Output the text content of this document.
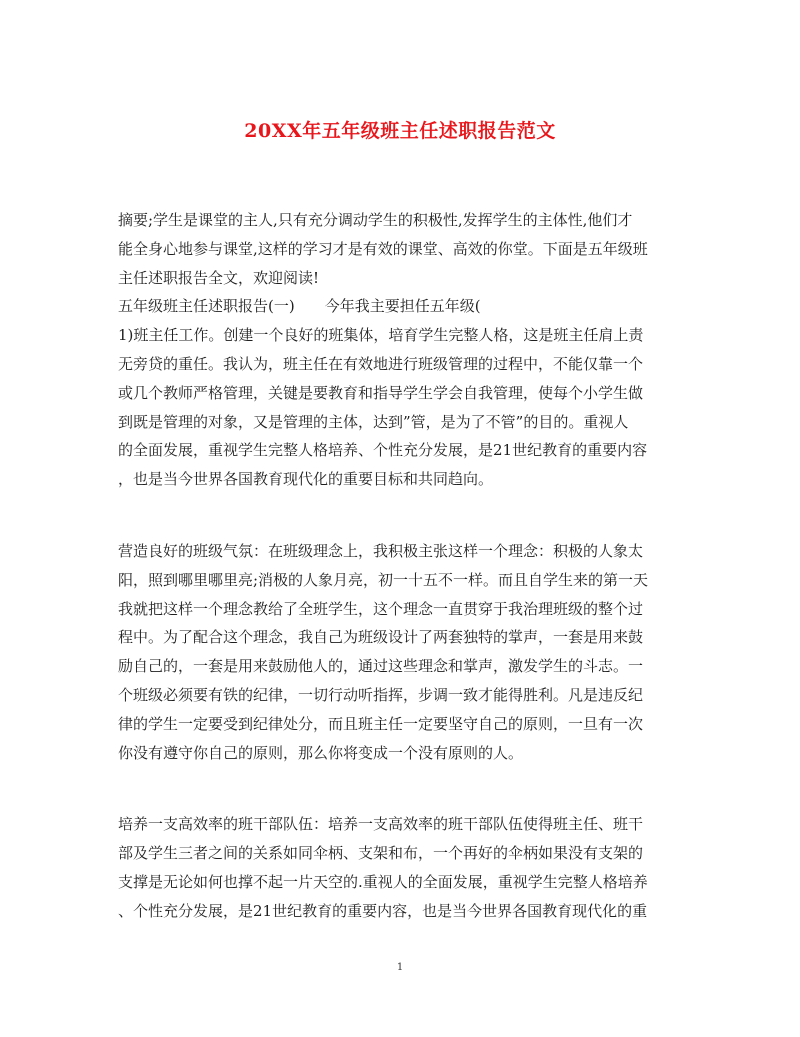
20XX年五年级班主任述职报告范文
摘要;学生是课堂的主人,只有充分调动学生的积极性,发挥学生的主体性,他们才
能全身心地参与课堂,这样的学习才是有效的课堂、高效的你堂。下面是五年级班
主任述职报告全文，欢迎阅读!
五年级班主任述职报告(一)　　今年我主要担任五年级(
1)班主任工作。创建一个良好的班集体，培育学生完整人格，这是班主任肩上责
无旁贷的重任。我认为，班主任在有效地进行班级管理的过程中，不能仅靠一个
或几个教师严格管理，关键是要教育和指导学生学会自我管理，使每个小学生做
到既是管理的对象，又是管理的主体，达到”管，是为了不管”的目的。重视人
的全面发展，重视学生完整人格培养、个性充分发展，是21世纪教育的重要内容
，也是当今世界各国教育现代化的重要目标和共同趋向。
营造良好的班级气氛：在班级理念上，我积极主张这样一个理念：积极的人象太
阳，照到哪里哪里亮;消极的人象月亮，初一十五不一样。而且自学生来的第一天
我就把这样一个理念教给了全班学生，这个理念一直贯穿于我治理班级的整个过
程中。为了配合这个理念，我自己为班级设计了两套独特的掌声，一套是用来鼓
励自己的，一套是用来鼓励他人的，通过这些理念和掌声，激发学生的斗志。一
个班级必须要有铁的纪律，一切行动听指挥，步调一致才能得胜利。凡是违反纪
律的学生一定要受到纪律处分，而且班主任一定要坚守自己的原则，一旦有一次
你没有遵守你自己的原则，那么你将变成一个没有原则的人。
培养一支高效率的班干部队伍：培养一支高效率的班干部队伍使得班主任、班干
部及学生三者之间的关系如同伞柄、支架和布，一个再好的伞柄如果没有支架的
支撑是无论如何也撑不起一片天空的.重视人的全面发展，重视学生完整人格培养
、个性充分发展，是21世纪教育的重要内容，也是当今世界各国教育现代化的重
1
